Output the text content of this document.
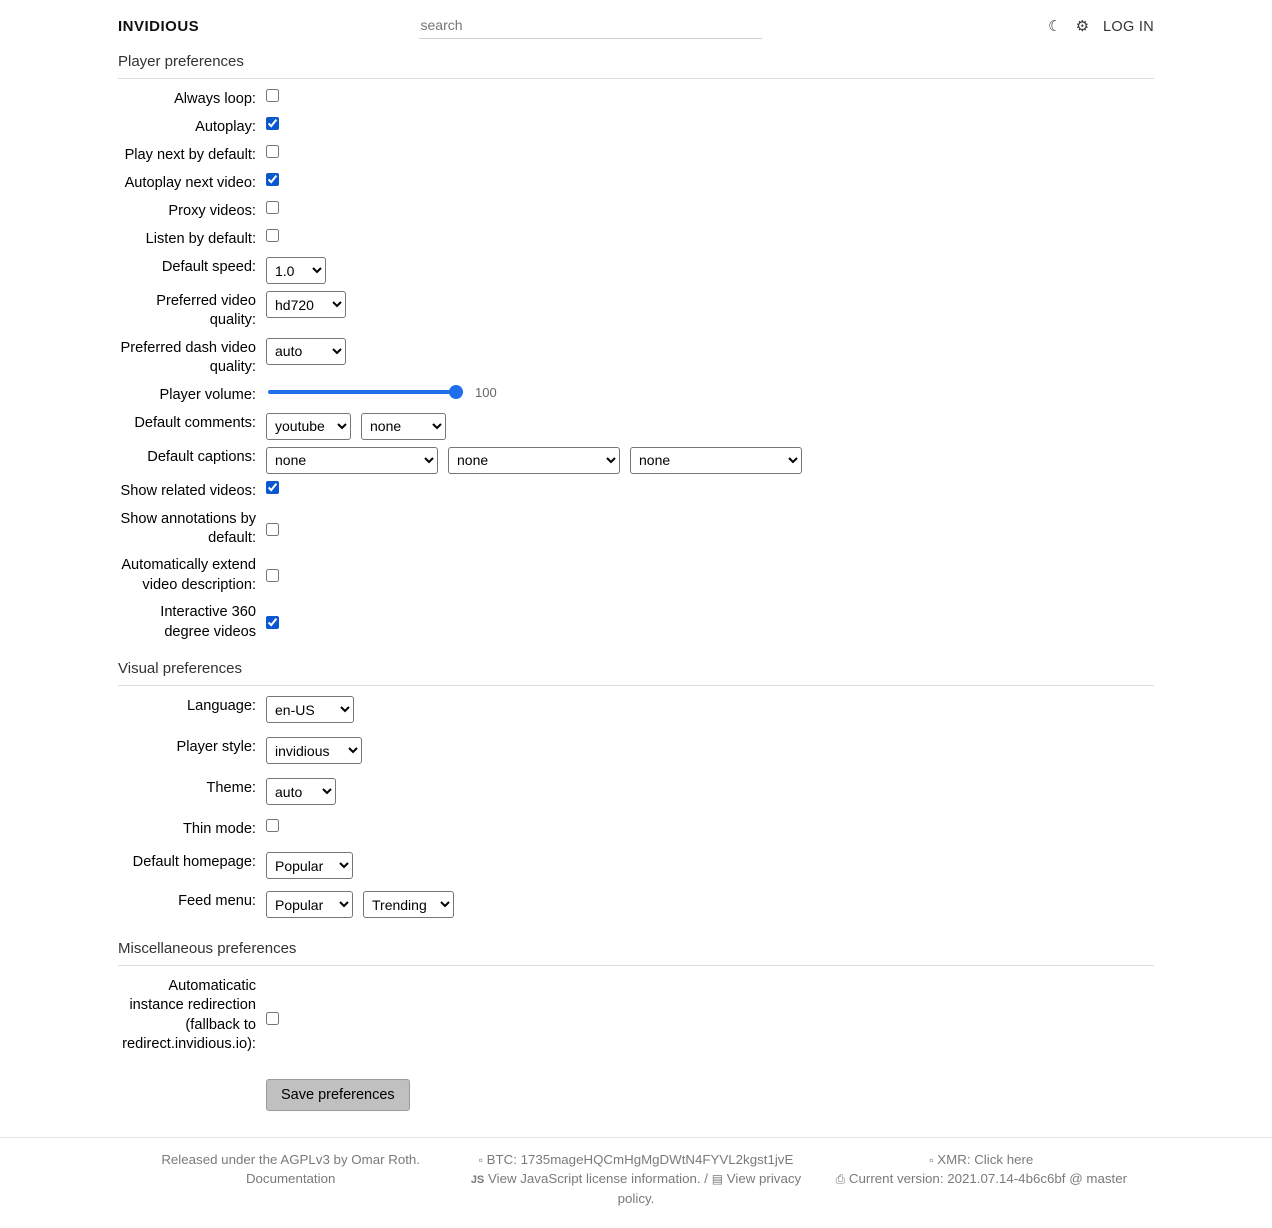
INVIDIOUS
search	☾ ⚙ LOG IN
Player preferences
Always loop:
Autoplay:
Play next by default:
Autoplay next video:
Proxy videos:
Listen by default:
Default speed:
1.0
Preferred video quality:
hd720
Preferred dash video quality:
auto
Player volume:	100
Default comments:
youtube
none
Default captions:
none
none
none
Show related videos:
Show annotations by default:
Automatically extend video description:
Interactive 360 degree videos
Visual preferences
Language:
en-US
Player style:
invidious
Theme:
auto
Thin mode:
Default homepage:
Popular
Feed menu:
Popular
Trending
Miscellaneous preferences
Automaticatic instance redirection (fallback to redirect.invidious.io):
Save preferences
Released under the AGPLv3 by Omar Roth.
Documentation
▫ BTC: 1735mageHQCmHgMgDWtN4FYVL2kgst1jvE
JS View JavaScript license information. / ▤ View privacy policy.
▫ XMR: Click here
⎙ Current version: 2021.07.14-4b6c6bf @ master
